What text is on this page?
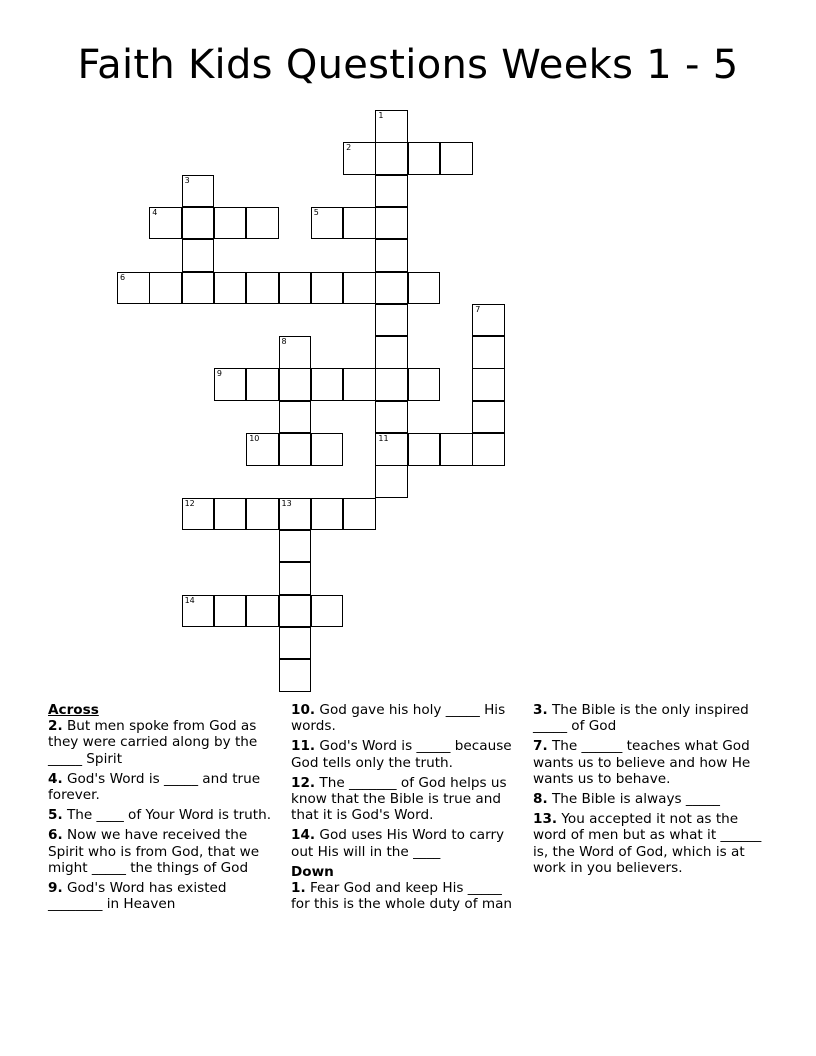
Faith Kids Questions Weeks 1 - 5
1
2
3
4	5
6
7
8
9
10	11
12	13
14
Across
2. But men spoke from God as they were carried along by the _____ Spirit
4. God's Word is _____ and true forever.
5. The ____ of Your Word is truth.
6. Now we have received the Spirit who is from God, that we might _____ the things of God
9. God's Word has existed ________ in Heaven
10. God gave his holy _____ His words.
11. God's Word is _____ because God tells only the truth.
12. The _______ of God helps us know that the Bible is true and that it is God's Word.
14. God uses His Word to carry out His will in the ____
Down
1. Fear God and keep His _____ for this is the whole duty of man
3. The Bible is the only inspired _____ of God
7. The ______ teaches what God wants us to believe and how He wants us to behave.
8. The Bible is always _____
13. You accepted it not as the word of men but as what it ______ is, the Word of God, which is at work in you believers.
